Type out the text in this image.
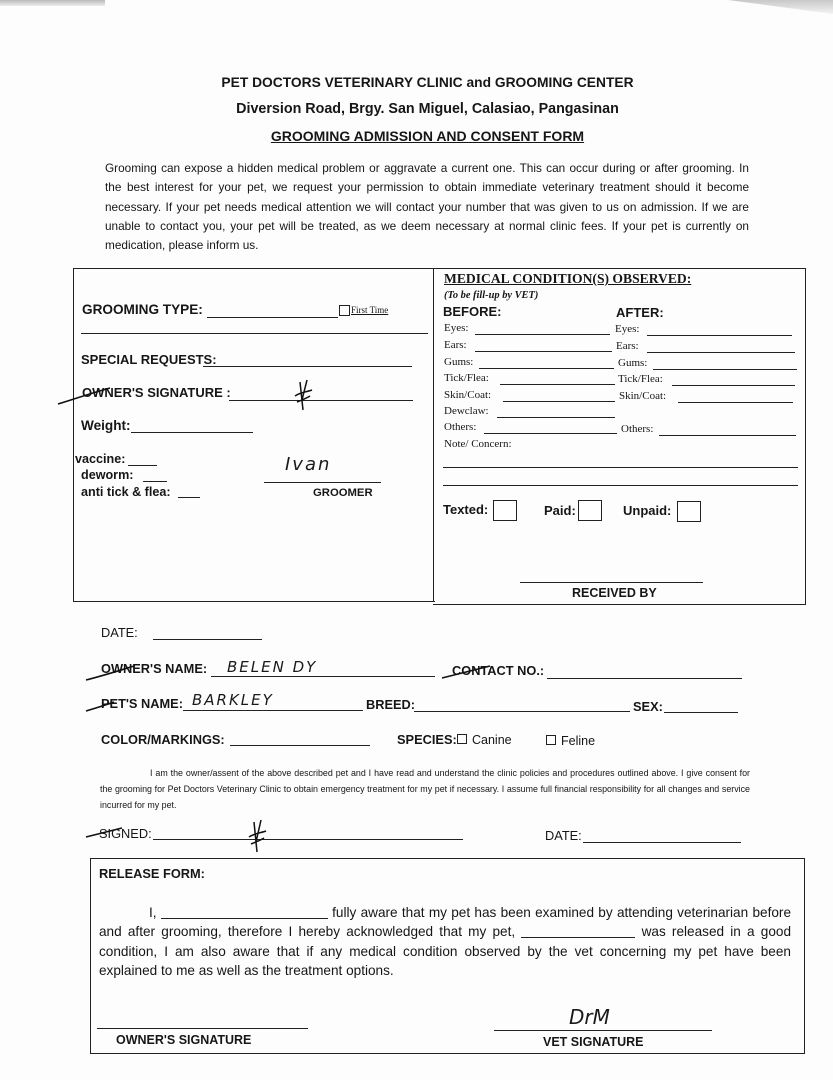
PET DOCTORS VETERINARY CLINIC and GROOMING CENTER
Diversion Road, Brgy. San Miguel, Calasiao, Pangasinan
GROOMING ADMISSION AND CONSENT FORM
Grooming can expose a hidden medical problem or aggravate a current one. This can occur during or after grooming. In the best interest for your pet, we request your permission to obtain immediate veterinary treatment should it become necessary. If your pet needs medical attention we will contact your number that was given to us on admission. If we are unable to contact you, your pet will be treated, as we deem necessary at normal clinic fees. If your pet is currently on medication, please inform us.
GROOMING TYPE:	First Time
SPECIAL REQUESTS:
OWNER'S SIGNATURE :
Weight:
vaccine:
deworm:
anti tick & flea:
Ivan
GROOMER
MEDICAL CONDITION(S) OBSERVED:
(To be fill-up by VET)
BEFORE:	AFTER:
Eyes:	Eyes:
Ears:	Ears:
Gums:	Gums:
Tick/Flea:	Tick/Flea:
Skin/Coat:	Skin/Coat:
Dewclaw:
Others:	Others:
Note/ Concern:
Texted:	Paid:	Unpaid:
RECEIVED BY
DATE:
OWNER'S NAME: BELEN DY	CONTACT NO.:
PET'S NAME: BARKLEY	BREED:	SEX:
COLOR/MARKINGS:	SPECIES:	Canine	Feline
I am the owner/assent of the above described pet and I have read and understand the clinic policies and procedures outlined above. I give consent for the grooming for Pet Doctors Veterinary Clinic to obtain emergency treatment for my pet if necessary. I assume full financial responsibility for all changes and service incurred for my pet.
SIGNED:	DATE:
RELEASE FORM:
I,	fully aware that my pet has been examined by attending veterinarian before and after grooming, therefore I hereby acknowledged that my pet,	was released in a good condition, I am also aware that if any medical condition observed by the vet concerning my pet have been explained to me as well as the treatment options.
OWNER'S SIGNATURE
DrM
VET SIGNATURE
